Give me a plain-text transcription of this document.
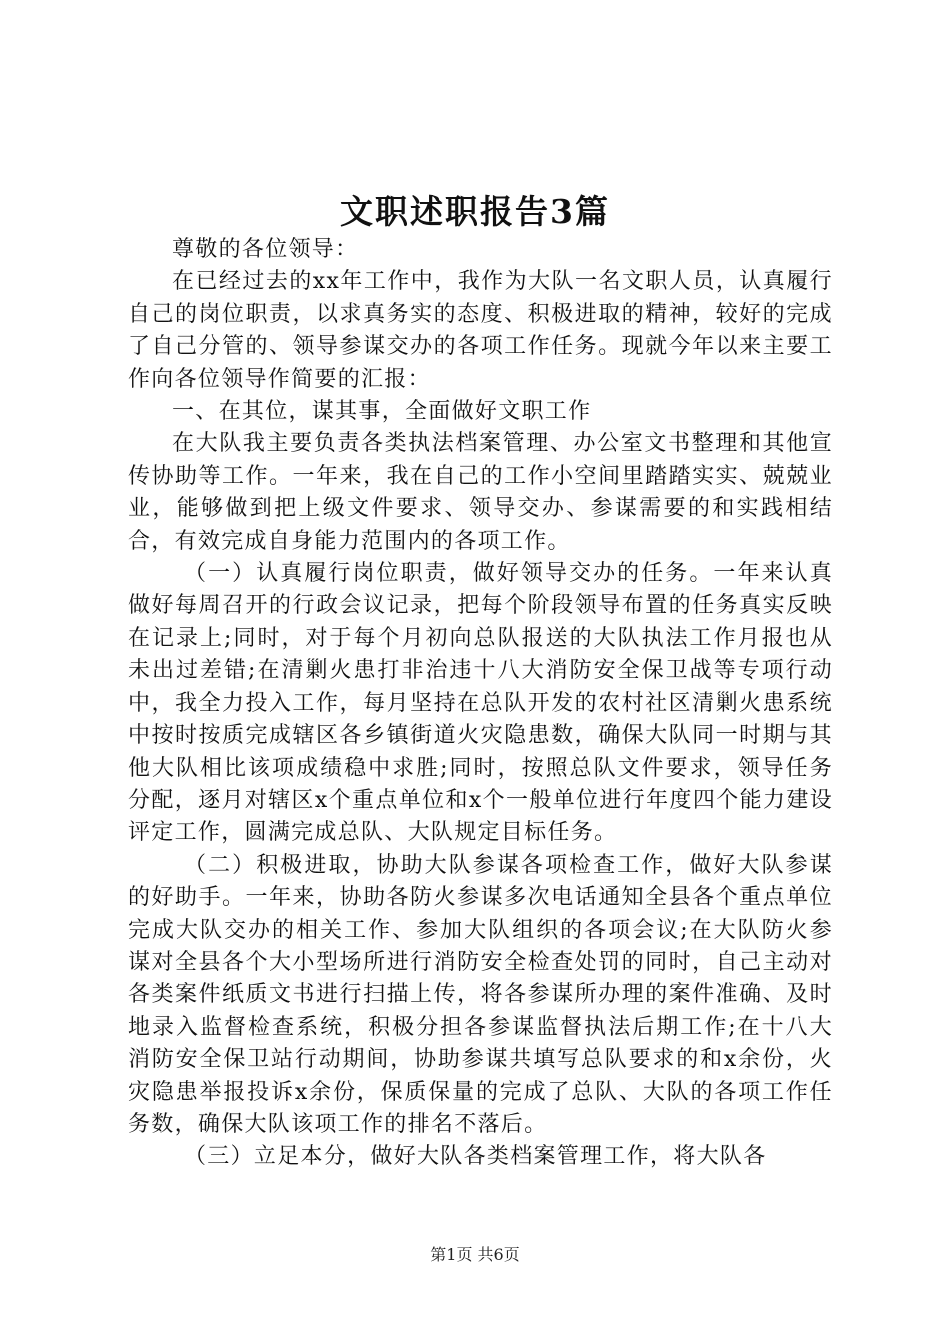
文职述职报告3篇

尊敬的各位领导：

在已经过去的xx年工作中，我作为大队一名文职人员，认真履行自己的岗位职责，以求真务实的态度、积极进取的精神，较好的完成了自己分管的、领导参谋交办的各项工作任务。现就今年以来主要工作向各位领导作简要的汇报：

一、在其位，谋其事，全面做好文职工作

在大队我主要负责各类执法档案管理、办公室文书整理和其他宣传协助等工作。一年来，我在自己的工作小空间里踏踏实实、兢兢业业，能够做到把上级文件要求、领导交办、参谋需要的和实践相结合，有效完成自身能力范围内的各项工作。

（一）认真履行岗位职责，做好领导交办的任务。一年来认真做好每周召开的行政会议记录，把每个阶段领导布置的任务真实反映在记录上;同时，对于每个月初向总队报送的大队执法工作月报也从未出过差错;在清剿火患打非治违十八大消防安全保卫战等专项行动中，我全力投入工作，每月坚持在总队开发的农村社区清剿火患系统中按时按质完成辖区各乡镇街道火灾隐患数，确保大队同一时期与其他大队相比该项成绩稳中求胜;同时，按照总队文件要求，领导任务分配，逐月对辖区x个重点单位和x个一般单位进行年度四个能力建设评定工作，圆满完成总队、大队规定目标任务。

（二）积极进取，协助大队参谋各项检查工作，做好大队参谋的好助手。一年来，协助各防火参谋多次电话通知全县各个重点单位完成大队交办的相关工作、参加大队组织的各项会议;在大队防火参谋对全县各个大小型场所进行消防安全检查处罚的同时，自己主动对各类案件纸质文书进行扫描上传，将各参谋所办理的案件准确、及时地录入监督检查系统，积极分担各参谋监督执法后期工作;在十八大消防安全保卫站行动期间，协助参谋共填写总队要求的和x余份，火灾隐患举报投诉x余份，保质保量的完成了总队、大队的各项工作任务数，确保大队该项工作的排名不落后。

（三）立足本分，做好大队各类档案管理工作，将大队各

第1页 共6页
